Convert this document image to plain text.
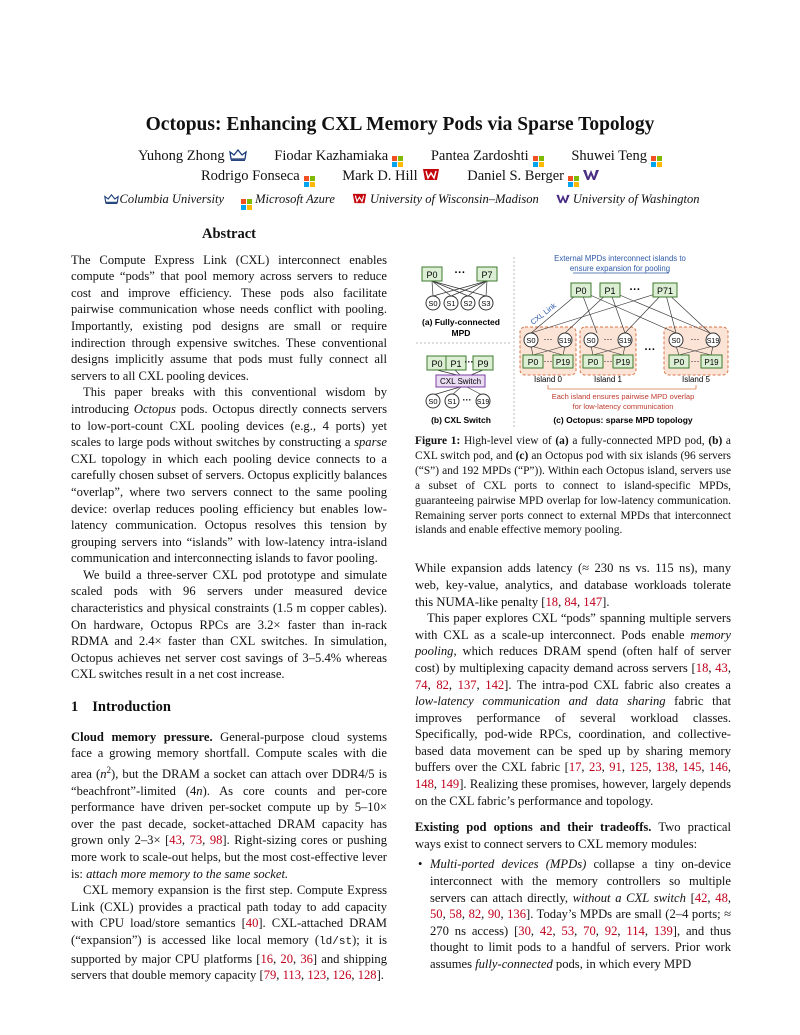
Octopus: Enhancing CXL Memory Pods via Sparse Topology
Yuhong Zhong	Fiodar Kazhamiaka	Pantea Zardoshti	Shuwei Teng
Rodrigo Fonseca	Mark D. Hill	Daniel S. Berger
Columbia University Microsoft Azure	University of Wisconsin–Madison	University of Washington
Abstract

The Compute Express Link (CXL) interconnect enables compute “pods” that pool memory across servers to reduce cost and improve efficiency. These pods also facilitate pairwise communication whose needs conflict with pooling. Importantly, existing pod designs are small or require indirection through expensive switches. These conventional designs implicitly assume that pods must fully connect all servers to all CXL pooling devices.

This paper breaks with this conventional wisdom by introducing Octopus pods. Octopus directly connects servers to low-port-count CXL pooling devices (e.g., 4 ports) yet scales to large pods without switches by constructing a sparse CXL topology in which each pooling device connects to a carefully chosen subset of servers. Octopus explicitly balances “overlap”, where two servers connect to the same pooling device: overlap reduces pooling efficiency but enables low-latency communication. Octopus resolves this tension by grouping servers into “islands” with low-latency intra-island communication and interconnecting islands to favor pooling.

We build a three-server CXL pod prototype and simulate scaled pods with 96 servers under measured device characteristics and physical constraints (1.5 m copper cables). On hardware, Octopus RPCs are 3.2× faster than in-rack RDMA and 2.4× faster than CXL switches. In simulation, Octopus achieves net server cost savings of 3–5.4% whereas CXL switches result in a net cost increase.

1 Introduction

Cloud memory pressure. General-purpose cloud systems face a growing memory shortfall. Compute scales with die area $(n^2)$, but the DRAM a socket can attach over DDR4/5 is “beachfront”-limited (4n). As core counts and per-core performance have driven per-socket compute up by 5–10× over the past decade, socket-attached DRAM capacity has grown only 2–3× [43, 73, 98]. Right-sizing cores or pushing more work to scale-out helps, but the most cost-effective lever is: attach more memory to the same socket.

CXL memory expansion is the first step. Compute Express Link (CXL) provides a practical path today to add capacity with CPU load/store semantics [40]. CXL-attached DRAM (“expansion”) is accessed like local memory (ld/st); it is supported by major CPU platforms [16, 20, 36] and shipping servers that double memory capacity [79, 113, 123, 126, 128].

P0 ··· P7
S0 S1 S2 S3
(a) Fully-connected
MPD
P0 P1 ··· P9
CXL Switch
S0 S1 ··· S19
(b) CXL Switch
External MPDs interconnect islands to
ensure expansion for pooling
P0 P1 ··· P71
CXL Link
S0 ··· S19
P0 ··· P19
S0 ··· S19
P0 ··· P19
···
S0 ··· S19
P0 ··· P19
Island 0	Island 1	Island 5
Each island ensures pairwise MPD overlap
for low-latency communication
(c) Octopus: sparse MPD topology

Figure 1: High-level view of (a) a fully-connected MPD pod, (b) a CXL switch pod, and (c) an Octopus pod with six islands (96 servers (“S”) and 192 MPDs (“P”)). Within each Octopus island, servers use a subset of CXL ports to connect to island-specific MPDs, guaranteeing pairwise MPD overlap for low-latency communication. Remaining server ports connect to external MPDs that interconnect islands and enable effective memory pooling.

While expansion adds latency (≈ 230 ns vs. 115 ns), many web, key-value, analytics, and database workloads tolerate this NUMA-like penalty [18, 84, 147].

This paper explores CXL “pods” spanning multiple servers with CXL as a scale-up interconnect. Pods enable memory pooling, which reduces DRAM spend (often half of server cost) by multiplexing capacity demand across servers [18, 43, 74, 82, 137, 142]. The intra-pod CXL fabric also creates a low-latency communication and data sharing fabric that improves performance of several workload classes. Specifically, pod-wide RPCs, coordination, and collective-based data movement can be sped up by sharing memory buffers over the CXL fabric [17, 23, 91, 125, 138, 145, 146, 148, 149]. Realizing these promises, however, largely depends on the CXL fabric’s performance and topology.

Existing pod options and their tradeoffs. Two practical ways exist to connect servers to CXL memory modules:

• Multi-ported devices (MPDs) collapse a tiny on-device interconnect with the memory controllers so multiple servers can attach directly, without a CXL switch [42, 48, 50, 58, 82, 90, 136]. Today’s MPDs are small (2–4 ports; ≈ 270 ns access) [30, 42, 53, 70, 92, 114, 139], and thus thought to limit pods to a handful of servers. Prior work assumes fully-connected pods, in which every MPD
